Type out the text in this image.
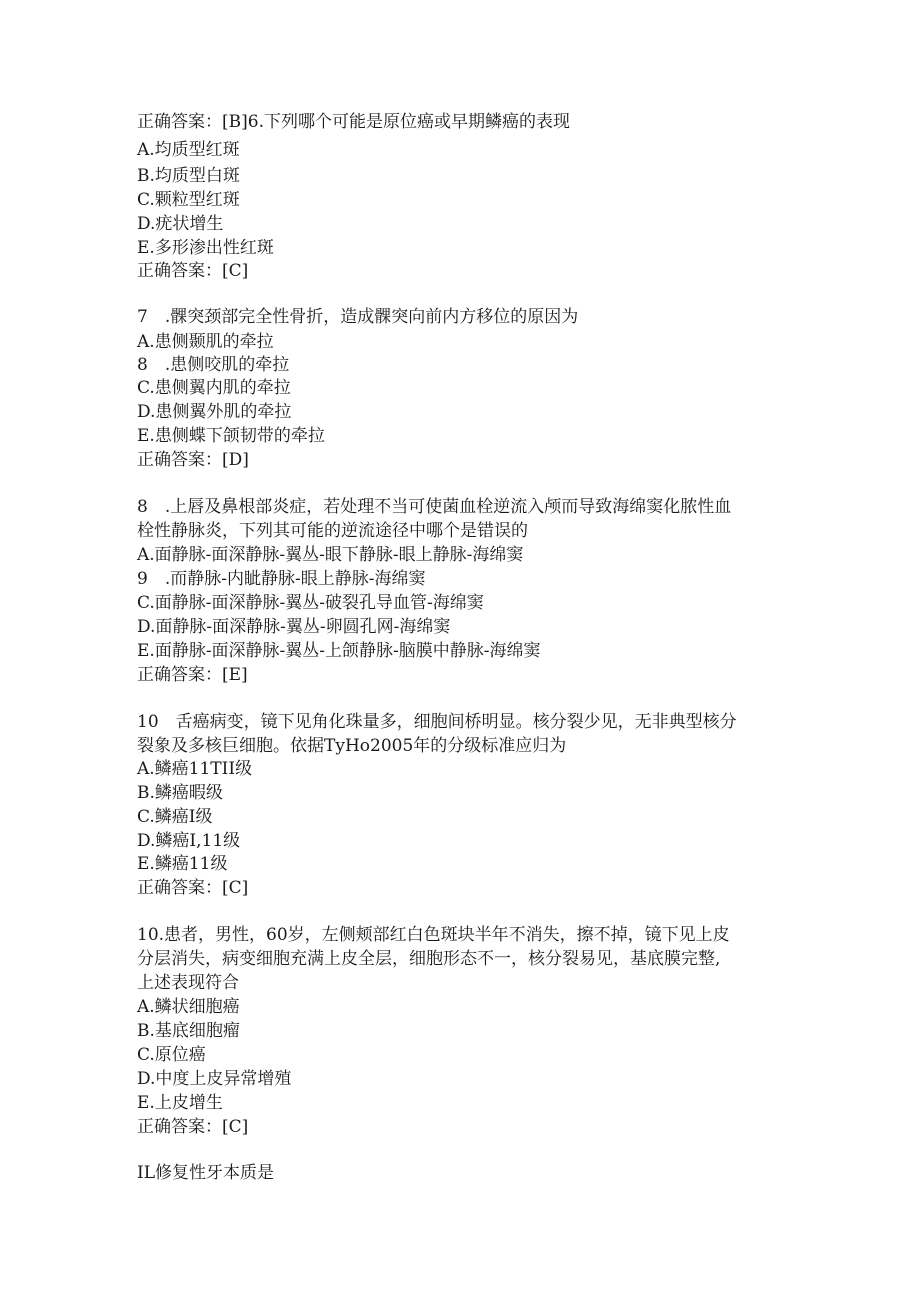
正确答案：[B]6.下列哪个可能是原位癌或早期鳞癌的表现
A.均质型红斑
B.均质型白斑
C.颗粒型红斑
D.疣状增生
E.多形渗出性红斑
正确答案：[C]
7　.髁突颈部完全性骨折，造成髁突向前内方移位的原因为
A.患侧颞肌的牵拉
8　.患侧咬肌的牵拉
C.患侧翼内肌的牵拉
D.患侧翼外肌的牵拉
E.患侧蝶下颌韧带的牵拉
正确答案：[D]
8　.上唇及鼻根部炎症，若处理不当可使菌血栓逆流入颅而导致海绵窦化脓性血
栓性静脉炎，下列其可能的逆流途径中哪个是错误的
A.面静脉-面深静脉-翼丛-眼下静脉-眼上静脉-海绵窦
9　.而静脉-内眦静脉-眼上静脉-海绵窦
C.面静脉-面深静脉-翼丛-破裂孔导血管-海绵窦
D.面静脉-面深静脉-翼丛-卵圆孔网-海绵窦
E.面静脉-面深静脉-翼丛-上颌静脉-脑膜中静脉-海绵窦
正确答案：[E]
10　舌癌病变，镜下见角化珠量多，细胞间桥明显。核分裂少见，无非典型核分
裂象及多核巨细胞。依据TyHo2005年的分级标准应归为
A.鳞癌11TII级
B.鳞癌暇级
C.鳞癌I级
D.鳞癌I,11级
E.鳞癌11级
正确答案：[C]
10.患者，男性，60岁，左侧颊部红白色斑块半年不消失，擦不掉，镜下见上皮
分层消失，病变细胞充满上皮全层，细胞形态不一，核分裂易见，基底膜完整,
上述表现符合
A.鳞状细胞癌
B.基底细胞瘤
C.原位癌
D.中度上皮异常增殖
E.上皮增生
正确答案：[C]
IL修复性牙本质是
